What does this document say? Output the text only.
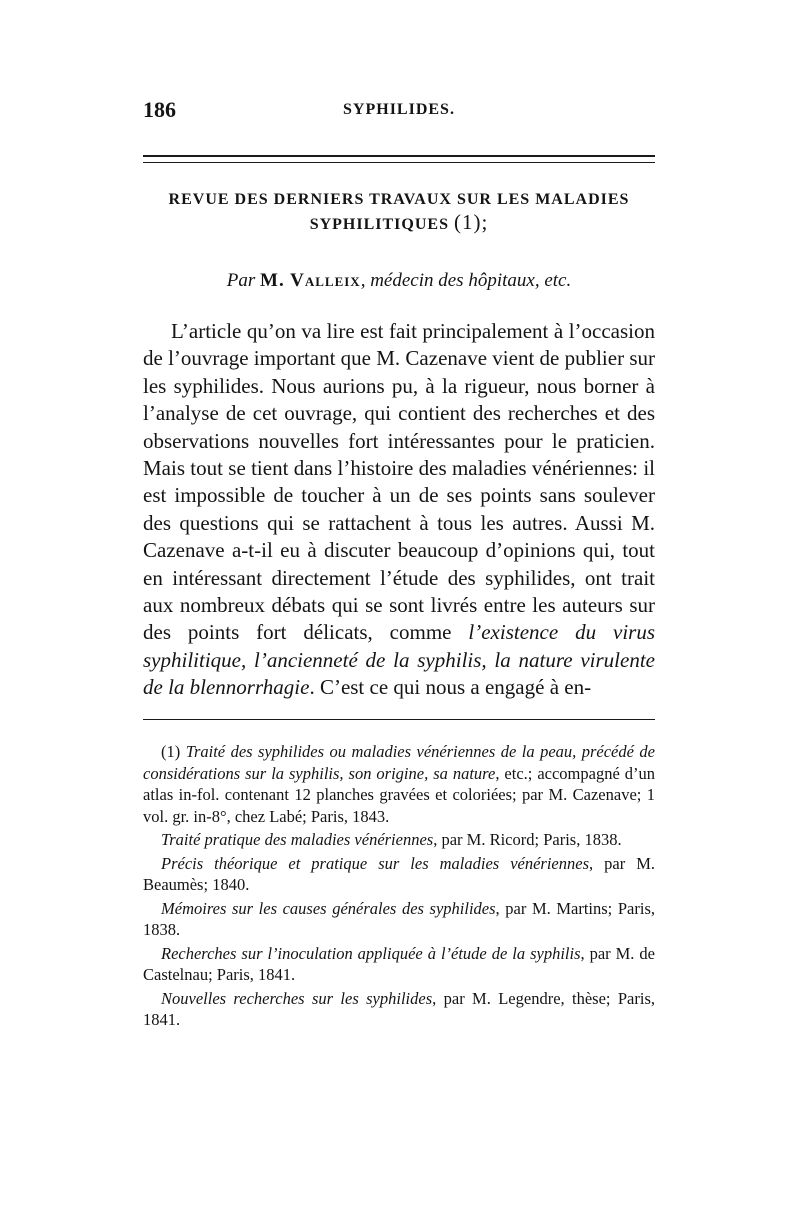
186	SYPHILIDES.
REVUE DES DERNIERS TRAVAUX SUR LES MALADIES
SYPHILITIQUES (1);
Par M. Valleix, médecin des hôpitaux, etc.

L’article qu’on va lire est fait principalement à l’occasion de l’ouvrage important que M. Cazenave vient de publier sur les syphilides. Nous aurions pu, à la rigueur, nous borner à l’analyse de cet ouvrage, qui contient des recherches et des observations nouvelles fort intéressantes pour le praticien. Mais tout se tient dans l’histoire des maladies vénériennes: il est impossible de toucher à un de ses points sans soulever des questions qui se rattachent à tous les autres. Aussi M. Cazenave a-t-il eu à discuter beaucoup d’opinions qui, tout en intéressant directement l’étude des syphilides, ont trait aux nombreux débats qui se sont livrés entre les auteurs sur des points fort délicats, comme l’existence du virus syphilitique, l’ancienneté de la syphilis, la nature virulente de la blennorrhagie. C’est ce qui nous a engagé à en-

(1) Traité des syphilides ou maladies vénériennes de la peau, précédé de considérations sur la syphilis, son origine, sa nature, etc.; accompagné d’un atlas in-fol. contenant 12 planches gravées et coloriées; par M. Cazenave; 1 vol. gr. in-8°, chez Labé; Paris, 1843.

Traité pratique des maladies vénériennes, par M. Ricord; Paris, 1838.

Précis théorique et pratique sur les maladies vénériennes, par M. Beaumès; 1840.

Mémoires sur les causes générales des syphilides, par M. Martins; Paris, 1838.

Recherches sur l’inoculation appliquée à l’étude de la syphilis, par M. de Castelnau; Paris, 1841.

Nouvelles recherches sur les syphilides, par M. Legendre, thèse; Paris, 1841.
